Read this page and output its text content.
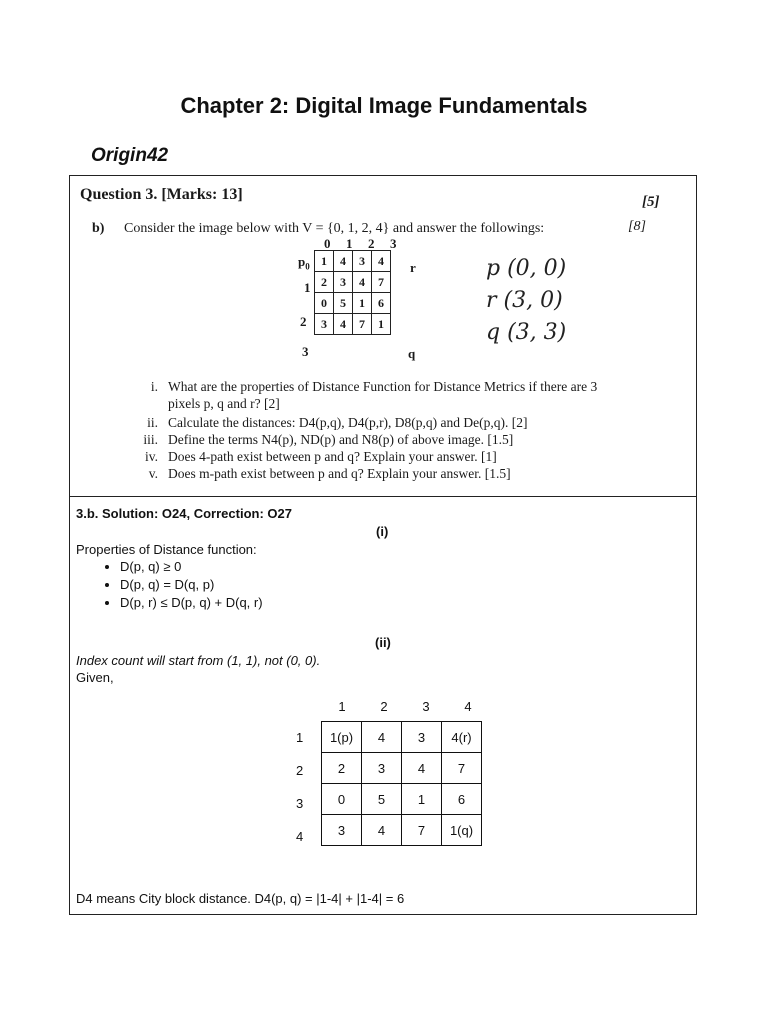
Chapter 2: Digital Image Fundamentals
Origin42
Question 3. [Marks: 13]	[5]
b) Consider the image below with V = {0, 1, 2, 4} and answer the followings:	[8]
0 1 2 3
$p_0$
1
2
3
r
q
1	4	3	4
2	3	4	7
0	5	1	6
3	4	7	1
p (0, 0)
r (3, 0)
q (3, 3)
i. What are the properties of Distance Function for Distance Metrics if there are 3 pixels p, q and r? [2]
ii. Calculate the distances: D4(p,q), D4(p,r), D8(p,q) and De(p,q). [2]
iii. Define the terms N4(p), ND(p) and N8(p) of above image. [1.5]
iv. Does 4-path exist between p and q? Explain your answer. [1]
v. Does m-path exist between p and q? Explain your answer. [1.5]
3.b. Solution: O24, Correction: O27
(i)
Properties of Distance function:
• D(p, q) ≥ 0
• D(p, q) = D(q, p)
• D(p, r) ≤ D(p, q) + D(q, r)
(ii)
Index count will start from (1, 1), not (0, 0).
Given,
1	2	3	4
1
2
3
4
1(p)	4	3	4(r)
2	3	4	7
0	5	1	6
3	4	7	1(q)
D4 means City block distance. D4(p, q) = |1-4| + |1-4| = 6
